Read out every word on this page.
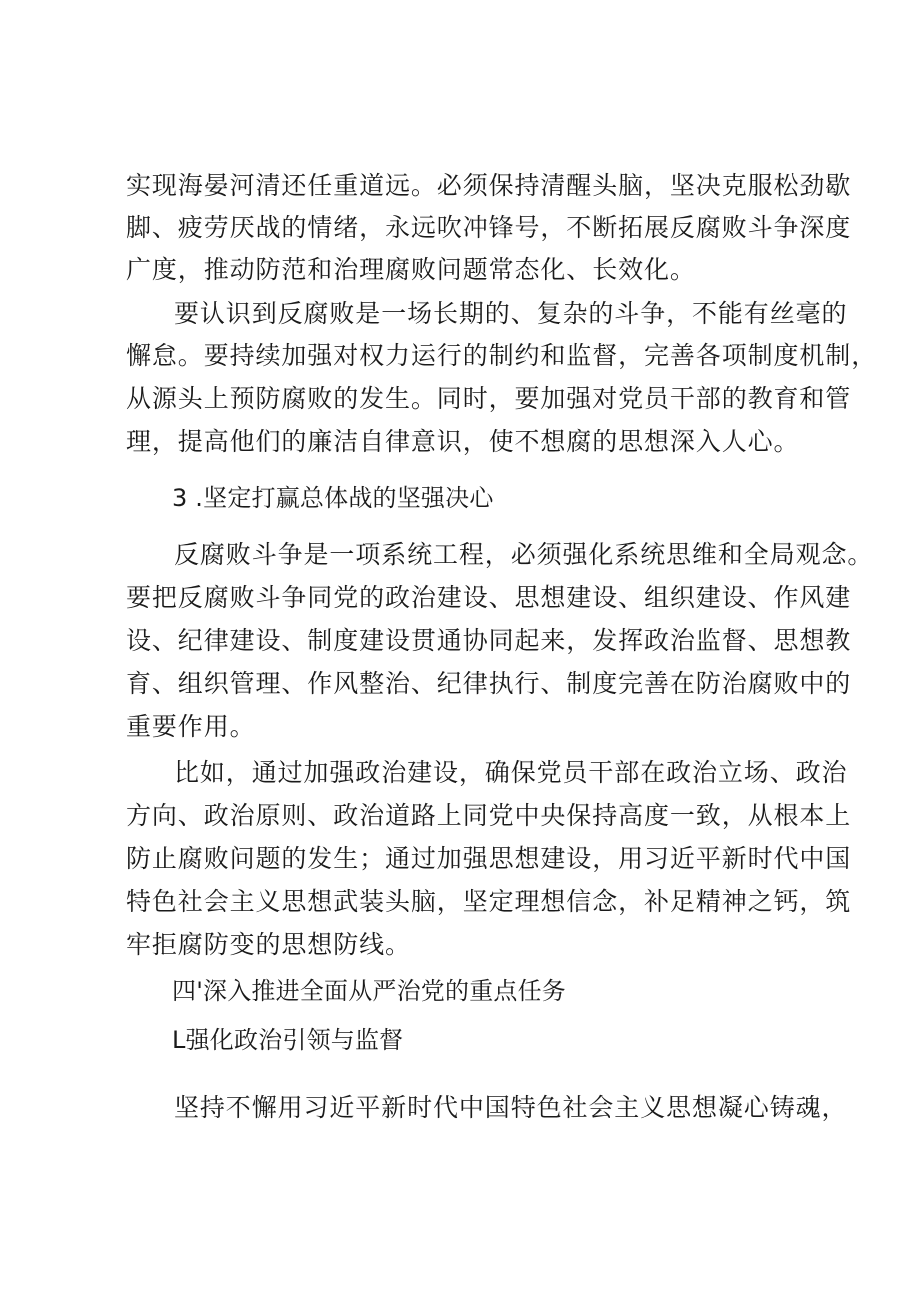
实现海晏河清还任重道远。必须保持清醒头脑，坚决克服松劲歇
脚、疲劳厌战的情绪，永远吹冲锋号，不断拓展反腐败斗争深度
广度，推动防范和治理腐败问题常态化、长效化。
要认识到反腐败是一场长期的、复杂的斗争，不能有丝毫的
懈怠。要持续加强对权力运行的制约和监督，完善各项制度机制，
从源头上预防腐败的发生。同时，要加强对党员干部的教育和管
理，提高他们的廉洁自律意识，使不想腐的思想深入人心。
3 .坚定打赢总体战的坚强决心
反腐败斗争是一项系统工程，必须强化系统思维和全局观念。
要把反腐败斗争同党的政治建设、思想建设、组织建设、作风建
设、纪律建设、制度建设贯通协同起来，发挥政治监督、思想教
育、组织管理、作风整治、纪律执行、制度完善在防治腐败中的
重要作用。
比如，通过加强政治建设，确保党员干部在政治立场、政治
方向、政治原则、政治道路上同党中央保持高度一致，从根本上
防止腐败问题的发生；通过加强思想建设，用习近平新时代中国
特色社会主义思想武装头脑，坚定理想信念，补足精神之钙，筑
牢拒腐防变的思想防线。
四'深入推进全面从严治党的重点任务
L强化政治引领与监督
坚持不懈用习近平新时代中国特色社会主义思想凝心铸魂，
